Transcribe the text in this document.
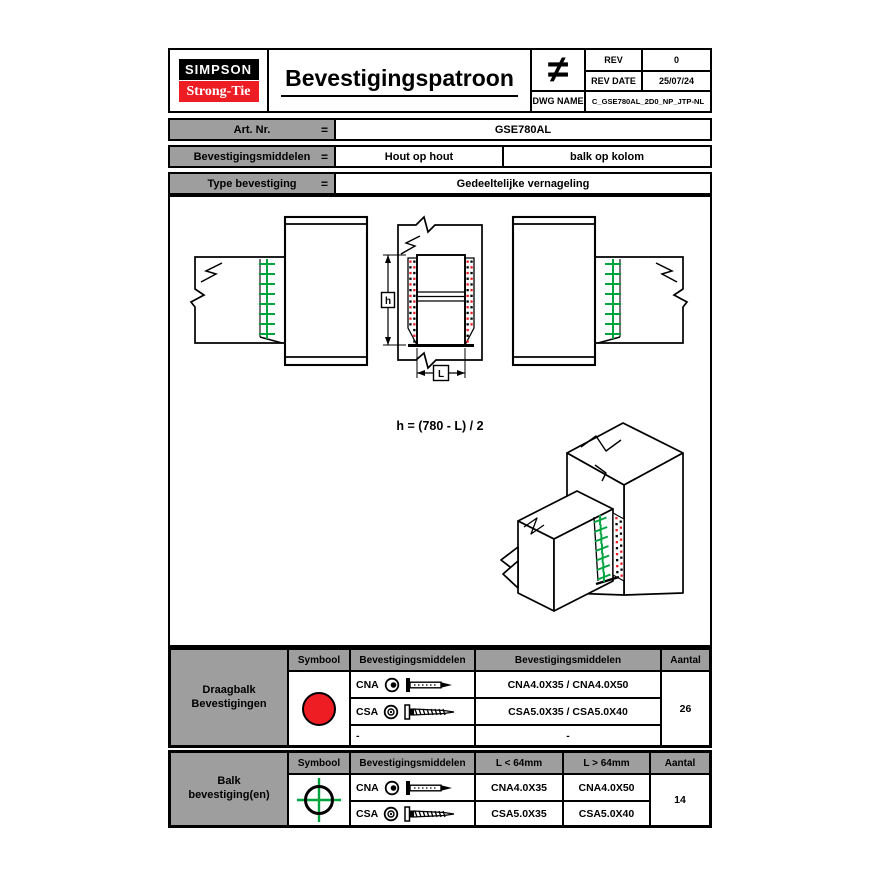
SIMPSON
Strong-Tie
Bevestigingspatroon ≠	REV	0
REV DATE	25/07/24
DWG NAME	C_GSE780AL_2D0_NP_JTP-NL
Art. Nr.	=	GSE780AL
Bevestigingsmiddelen =	Hout op hout	balk op kolom
Type bevestiging =	Gedeeltelijke vernageling
h
L
h = (780 - L) / 2
Draagbalk
Bevestigingen
Symbool	Bevestigingsmiddelen	Bevestigingsmiddelen	Aantal
CNA	CNA4.0X35 / CNA4.0X50
CSA	CSA5.0X35 / CSA5.0X40
-	-
26
Balk
bevestiging(en)
Symbool	Bevestigingsmiddelen	L < 64mm	L > 64mm	Aantal
CNA	CNA4.0X35	CNA4.0X50
CSA	CSA5.0X35	CSA5.0X40
14
